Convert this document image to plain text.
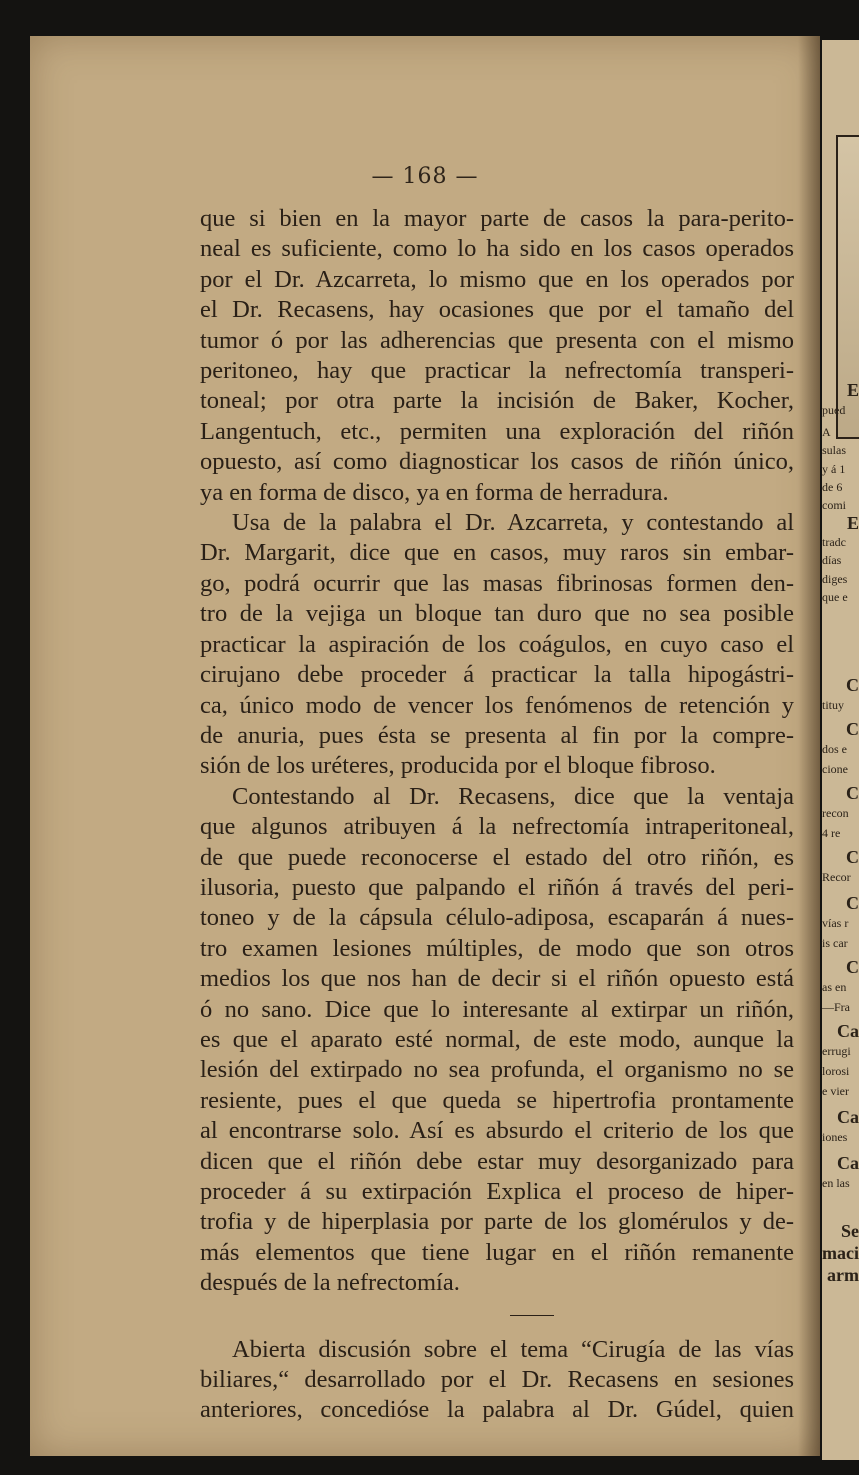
— 168 —

que si bien en la mayor parte de casos la para-perito-
neal es suficiente, como lo ha sido en los casos operados
por el Dr. Azcarreta, lo mismo que en los operados por
el Dr. Recasens, hay ocasiones que por el tamaño del
tumor ó por las adherencias que presenta con el mismo
peritoneo, hay que practicar la nefrectomía transperi-
toneal; por otra parte la incisión de Baker, Kocher,
Langentuch, etc., permiten una exploración del riñón
opuesto, así como diagnosticar los casos de riñón único,
ya en forma de disco, ya en forma de herradura.

Usa de la palabra el Dr. Azcarreta, y contestando al
Dr. Margarit, dice que en casos, muy raros sin embar-
go, podrá ocurrir que las masas fibrinosas formen den-
tro de la vejiga un bloque tan duro que no sea posible
practicar la aspiración de los coágulos, en cuyo caso el
cirujano debe proceder á practicar la talla hipogástri-
ca, único modo de vencer los fenómenos de retención y
de anuria, pues ésta se presenta al fin por la compre-
sión de los uréteres, producida por el bloque fibroso.

Contestando al Dr. Recasens, dice que la ventaja
que algunos atribuyen á la nefrectomía intraperitoneal,
de que puede reconocerse el estado del otro riñón, es
ilusoria, puesto que palpando el riñón á través del peri-
toneo y de la cápsula célulo-adiposa, escaparán á nues-
tro examen lesiones múltiples, de modo que son otros
medios los que nos han de decir si el riñón opuesto está
ó no sano. Dice que lo interesante al extirpar un riñón,
es que el aparato esté normal, de este modo, aunque la
lesión del extirpado no sea profunda, el organismo no se
resiente, pues el que queda se hipertrofia prontamente
al encontrarse solo. Así es absurdo el criterio de los que
dicen que el riñón debe estar muy desorganizado para
proceder á su extirpación Explica el proceso de hiper-
trofia y de hiperplasia por parte de los glomérulos y de-
más elementos que tiene lugar en el riñón remanente
después de la nefrectomía.

Abierta discusión sobre el tema “Cirugía de las vías
biliares,“ desarrollado por el Dr. Recasens en sesiones
anteriores, concedióse la palabra al Dr. Gúdel, quien

E
pued
A
sulas
y á 1
de 6
comi
E
tradc
días
diges
que e
C
tituy
C
dos e
cione
C
recon
4 re
C
Recor
C
vías r
is car
C
as en
—Fra
Ca
errugi
lorosi
e vier
Ca
iones
Ca
en las
Se
maci
arm
